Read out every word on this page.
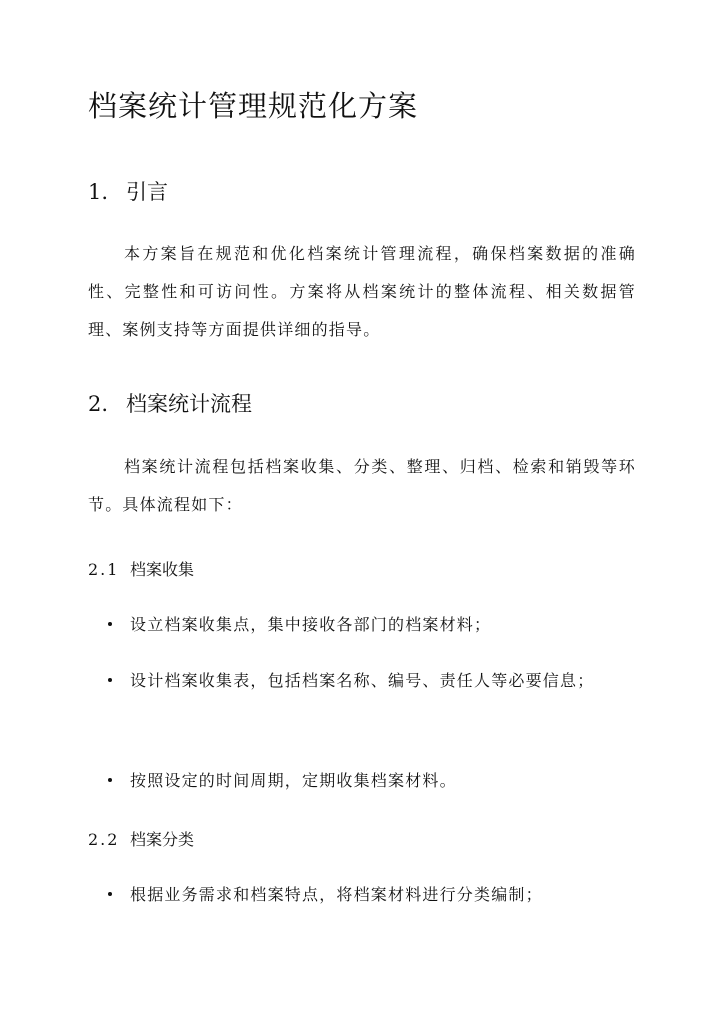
档案统计管理规范化方案
1. 引言
本方案旨在规范和优化档案统计管理流程，确保档案数据的准确性、完整性和可访问性。方案将从档案统计的整体流程、相关数据管理、案例支持等方面提供详细的指导。
2. 档案统计流程
档案统计流程包括档案收集、分类、整理、归档、检索和销毁等环节。具体流程如下：
2.1 档案收集
设立档案收集点，集中接收各部门的档案材料；
设计档案收集表，包括档案名称、编号、责任人等必要信息；
按照设定的时间周期，定期收集档案材料。
2.2 档案分类
根据业务需求和档案特点，将档案材料进行分类编制；
